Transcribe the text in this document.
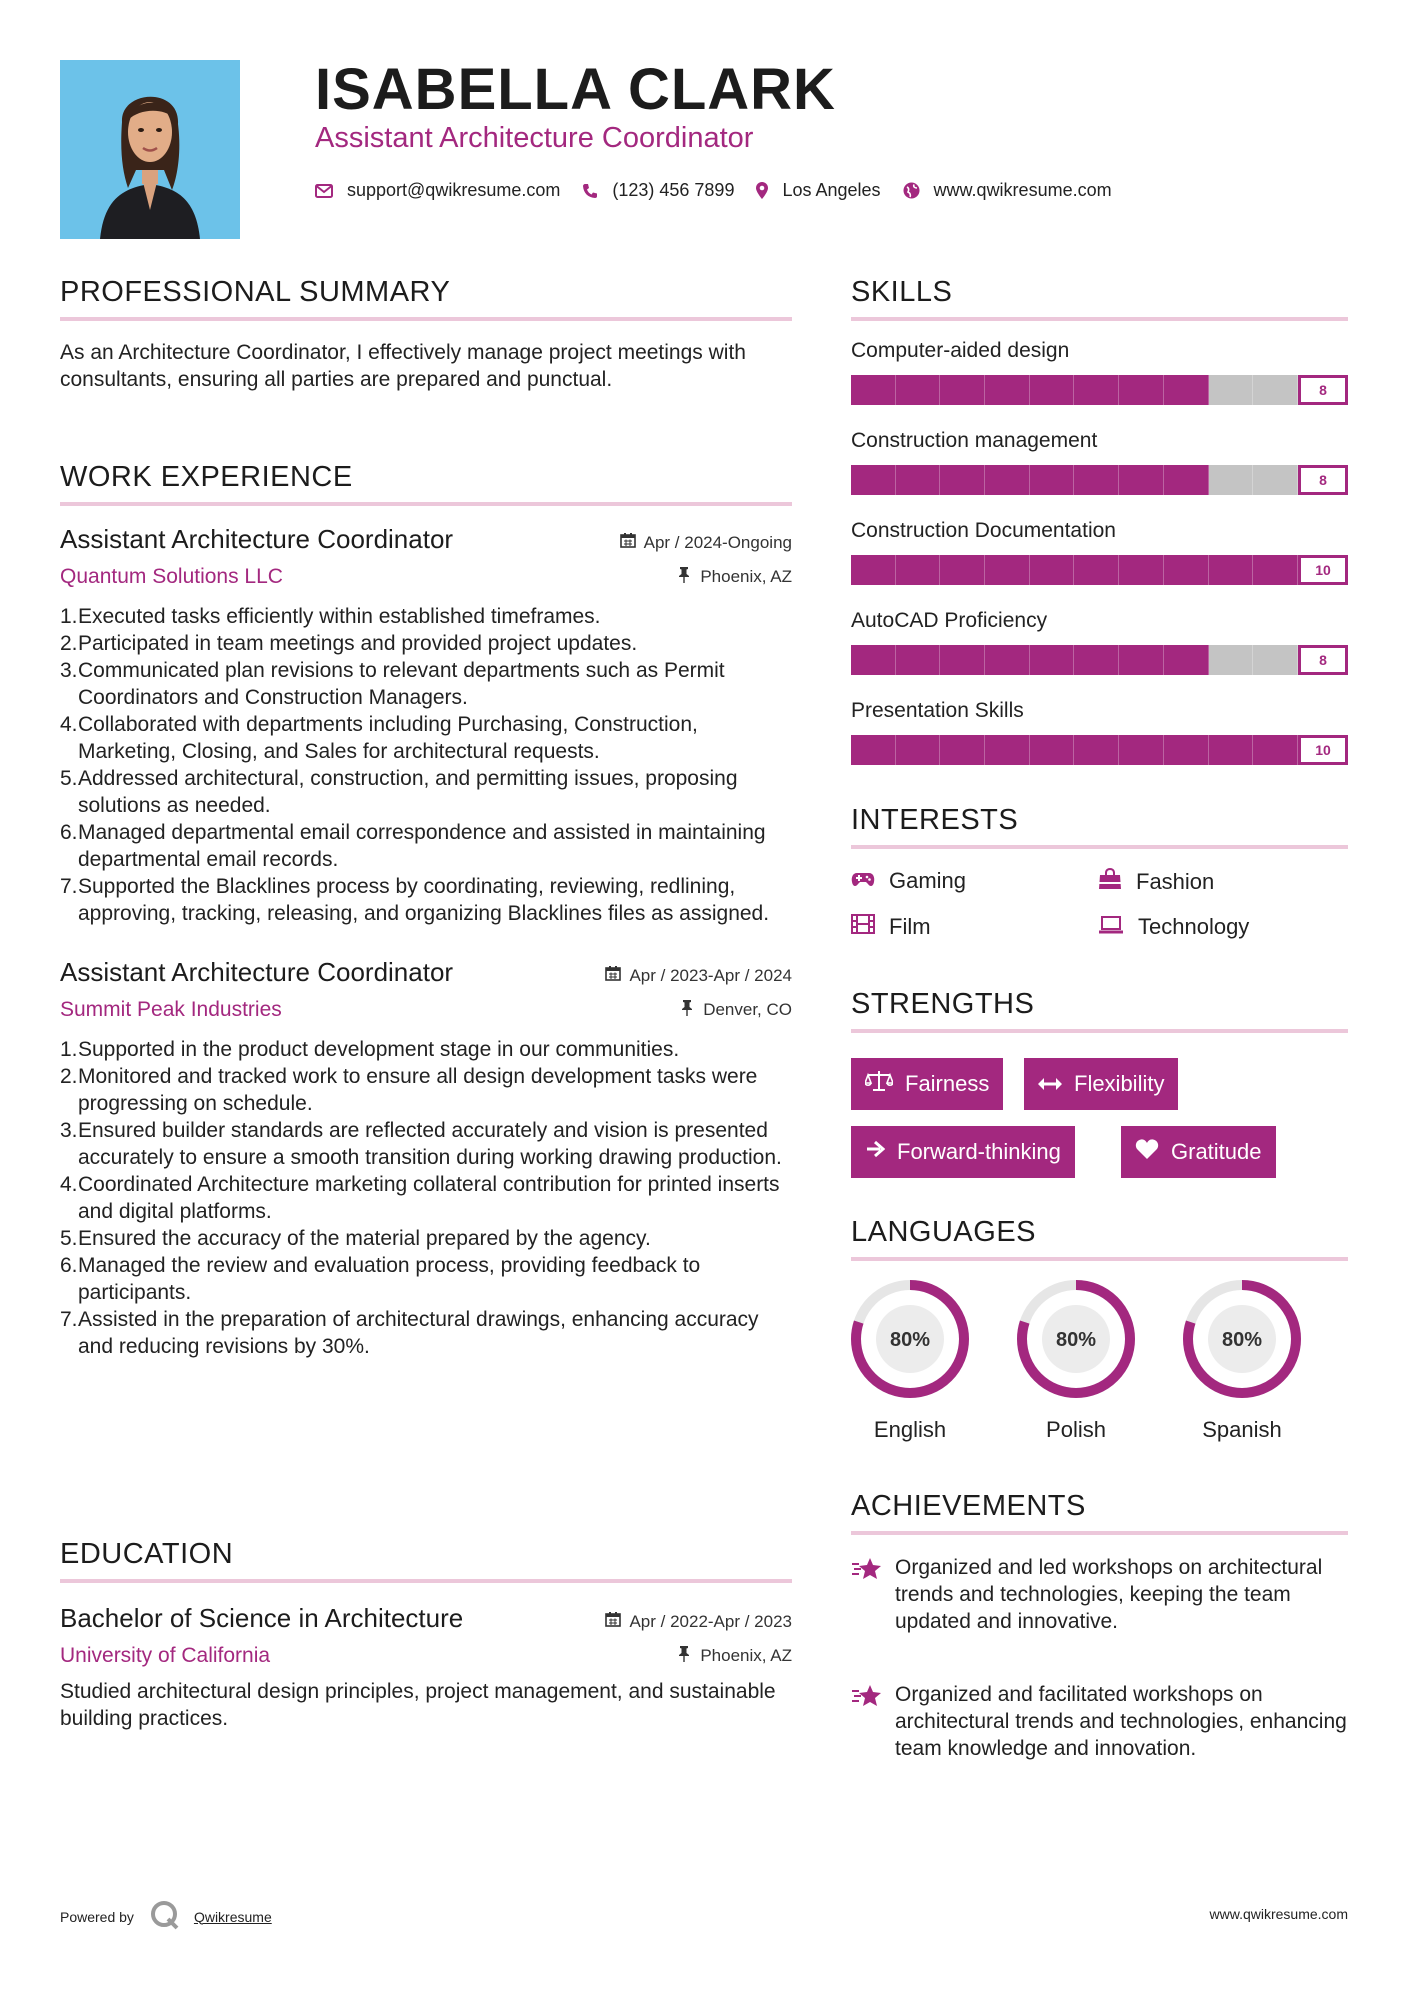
ISABELLA CLARK
Assistant Architecture Coordinator
support@qwikresume.com	(123) 456 7899	Los Angeles	www.qwikresume.com
PROFESSIONAL SUMMARY

As an Architecture Coordinator, I effectively manage project meetings with consultants, ensuring all parties are prepared and punctual.

WORK EXPERIENCE
Assistant Architecture Coordinator	Apr / 2024-Ongoing
Quantum Solutions LLC	Phoenix, AZ
1. Executed tasks efficiently within established timeframes.
2. Participated in team meetings and provided project updates.
3. Communicated plan revisions to relevant departments such as Permit Coordinators and Construction Managers.
4. Collaborated with departments including Purchasing, Construction, Marketing, Closing, and Sales for architectural requests.
5. Addressed architectural, construction, and permitting issues, proposing solutions as needed.
6. Managed departmental email correspondence and assisted in maintaining departmental email records.
7. Supported the Blacklines process by coordinating, reviewing, redlining, approving, tracking, releasing, and organizing Blacklines files as assigned.
Assistant Architecture Coordinator	Apr / 2023-Apr / 2024
Summit Peak Industries	Denver, CO
1. Supported in the product development stage in our communities.
2. Monitored and tracked work to ensure all design development tasks were progressing on schedule.
3. Ensured builder standards are reflected accurately and vision is presented accurately to ensure a smooth transition during working drawing production.
4. Coordinated Architecture marketing collateral contribution for printed inserts and digital platforms.
5. Ensured the accuracy of the material prepared by the agency.
6. Managed the review and evaluation process, providing feedback to participants.
7. Assisted in the preparation of architectural drawings, enhancing accuracy and reducing revisions by 30%.
EDUCATION
Bachelor of Science in Architecture	Apr / 2022-Apr / 2023
University of California	Phoenix, AZ

Studied architectural design principles, project management, and sustainable building practices.

SKILLS
Computer-aided design
8
Construction management
8
Construction Documentation
10
AutoCAD Proficiency
8
Presentation Skills
10
INTERESTS
Gaming	Fashion
Film	Technology
STRENGTHS
Fairness	Flexibility
Forward-thinking	Gratitude
LANGUAGES
80%
English
80%
Polish
80%
Spanish
ACHIEVEMENTS
Organized and led workshops on architectural trends and technologies, keeping the team updated and innovative.
Organized and facilitated workshops on architectural trends and technologies, enhancing team knowledge and innovation.
Powered by	Qwikresume	www.qwikresume.com
